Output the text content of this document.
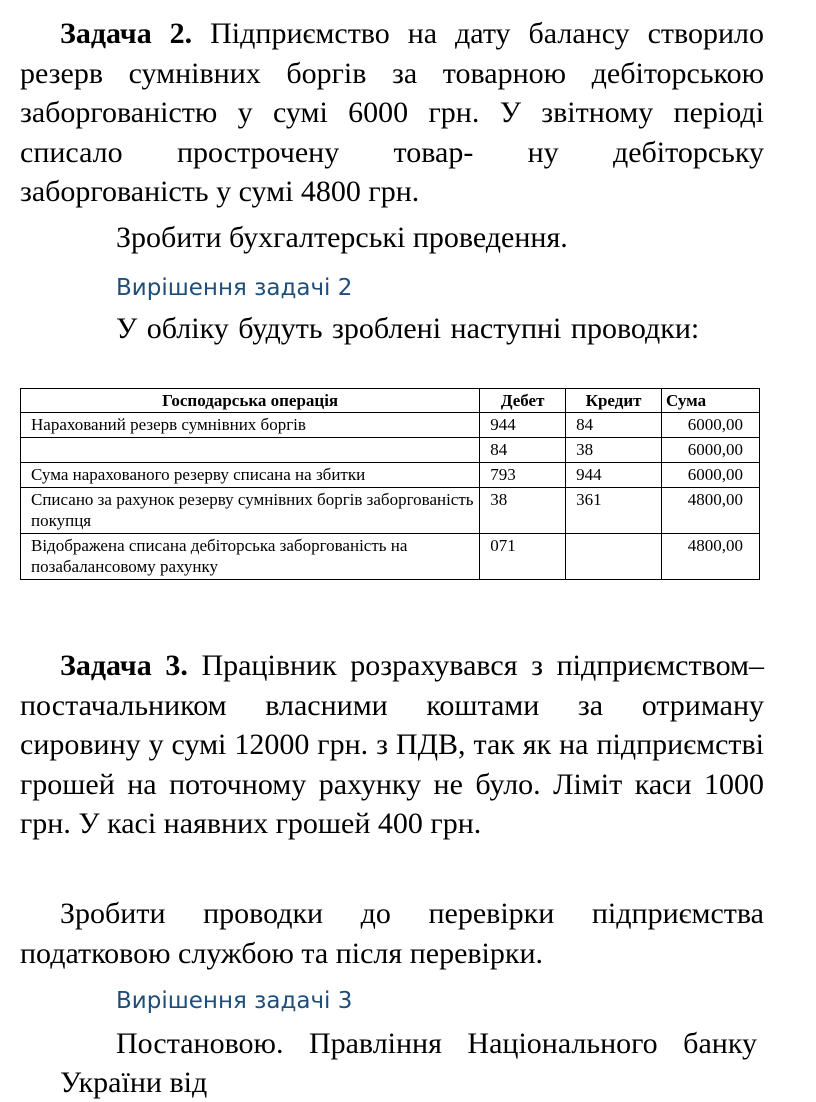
Задача 2. Підприємство на дату балансу створило резерв сумнівних боргів за товарною дебіторською заборгованістю у сумі 6000 грн. У звітному періоді списало прострочену товар- ну дебіторську заборгованість у сумі 4800 грн.

Зробити бухгалтерські проведення.

Вирішення задачі 2

У обліку будуть зроблені наступні проводки:

Господарська операція	Дебет	Кредит	Сума
Нарахований резерв сумнівних боргів	944	84	6000,00
	84	38	6000,00
Сума нарахованого резерву списана на збитки	793	944	6000,00
Списано за рахунок резерву сумнівних боргів заборгованість покупця	38	361	4800,00
Відображена списана дебіторська заборгованість на позабалансовому рахунку	071		4800,00

Задача 3. Працівник розрахувався з підприємством–постачальником власними коштами за отриману сировину у сумі 12000 грн. з ПДВ, так як на підприємстві грошей на поточному рахунку не було. Ліміт каси 1000 грн. У касі наявних грошей 400 грн.

Зробити проводки до перевірки підприємства податковою службою та після перевірки.

Вирішення задачі 3

Постановою. Правління Національного банку

України від
